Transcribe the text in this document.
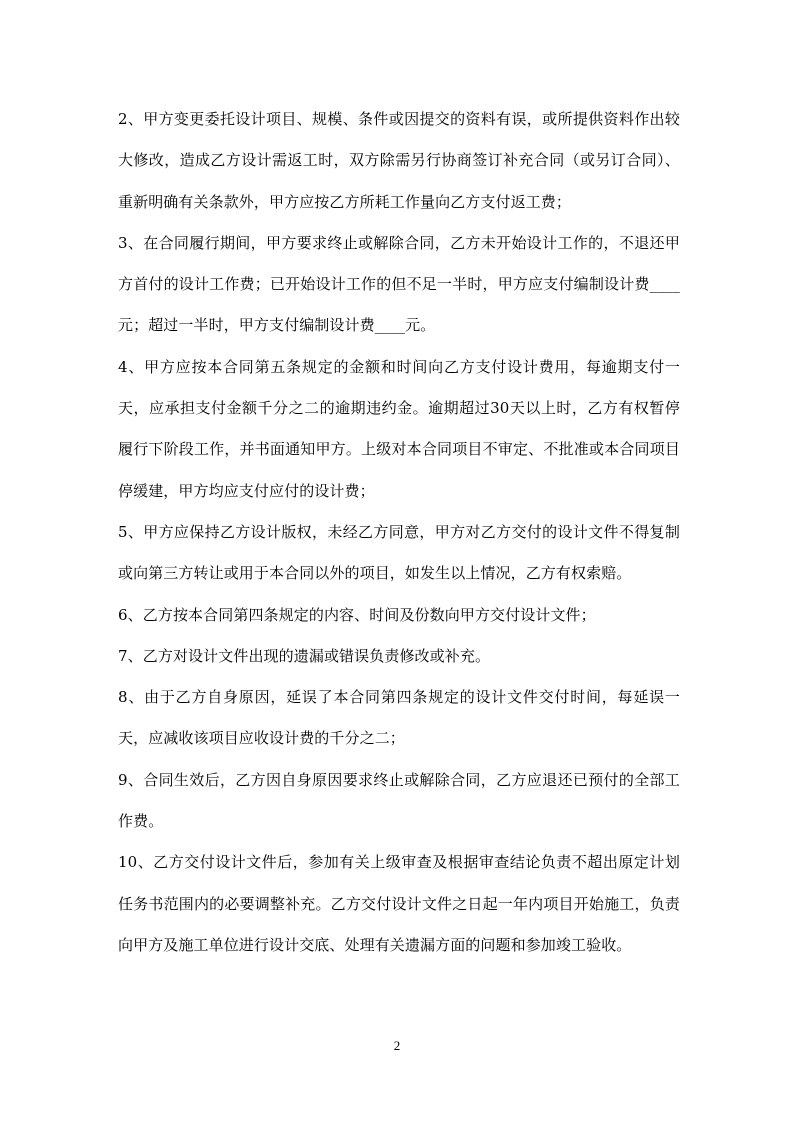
2、甲方变更委托设计项目、规模、条件或因提交的资料有误，或所提供资料作出较大修改，造成乙方设计需返工时，双方除需另行协商签订补充合同（或另订合同）、重新明确有关条款外，甲方应按乙方所耗工作量向乙方支付返工费；

3、在合同履行期间，甲方要求终止或解除合同，乙方未开始设计工作的，不退还甲方首付的设计工作费；已开始设计工作的但不足一半时，甲方应支付编制设计费____元；超过一半时，甲方支付编制设计费____元。

4、甲方应按本合同第五条规定的金额和时间向乙方支付设计费用，每逾期支付一天，应承担支付金额千分之二的逾期违约金。逾期超过30天以上时，乙方有权暂停履行下阶段工作，并书面通知甲方。上级对本合同项目不审定、不批准或本合同项目停缓建，甲方均应支付应付的设计费；

5、甲方应保持乙方设计版权，未经乙方同意，甲方对乙方交付的设计文件不得复制或向第三方转让或用于本合同以外的项目，如发生以上情况，乙方有权索赔。

6、乙方按本合同第四条规定的内容、时间及份数向甲方交付设计文件；

7、乙方对设计文件出现的遗漏或错误负责修改或补充。

8、由于乙方自身原因，延误了本合同第四条规定的设计文件交付时间，每延误一天，应减收该项目应收设计费的千分之二；

9、合同生效后，乙方因自身原因要求终止或解除合同，乙方应退还已预付的全部工作费。

10、乙方交付设计文件后，参加有关上级审查及根据审查结论负责不超出原定计划任务书范围内的必要调整补充。乙方交付设计文件之日起一年内项目开始施工，负责向甲方及施工单位进行设计交底、处理有关遗漏方面的问题和参加竣工验收。

2
